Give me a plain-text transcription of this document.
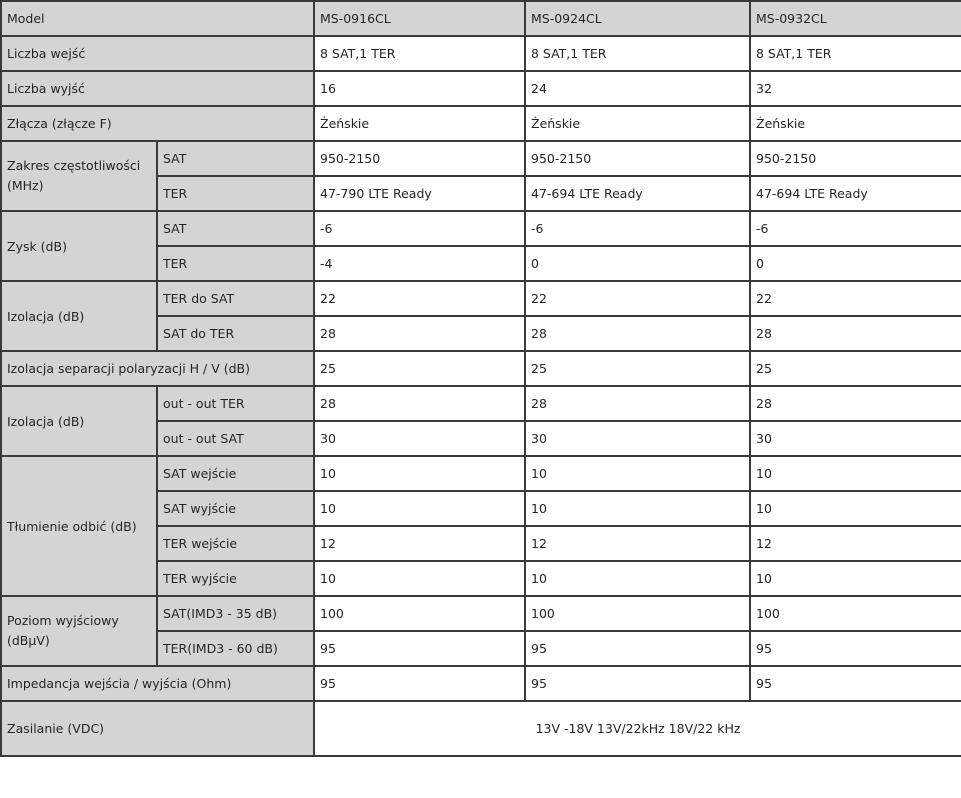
Model		MS-0916CL	MS-0924CL	MS-0932CL
Liczba wejść		8 SAT,1 TER	8 SAT,1 TER	8 SAT,1 TER
Liczba wyjść		16	24	32
Złącza (złącze F)		Żeńskie	Żeńskie	Żeńskie
Zakres częstotliwości (MHz)	SAT	950-2150	950-2150	950-2150
	TER	47-790 LTE Ready	47-694 LTE Ready	47-694 LTE Ready
Zysk (dB)	SAT	-6	-6	-6
	TER	-4	0	0
Izolacja (dB)	TER do SAT	22	22	22
	SAT do TER	28	28	28
Izolacja separacji polaryzacji H / V (dB)		25	25	25
Izolacja (dB)	out - out TER	28	28	28
	out - out SAT	30	30	30
Tłumienie odbić (dB)	SAT wejście	10	10	10
	SAT wyjście	10	10	10
	TER wejście	12	12	12
	TER wyjście	10	10	10
Poziom wyjściowy (dBμV)	SAT(IMD3 - 35 dB)	100	100	100
	TER(IMD3 - 60 dB)	95	95	95
Impedancja wejścia / wyjścia (Ohm)		95	95	95
Zasilanie (VDC)		13V -18V 13V/22kHz 18V/22 kHz		
